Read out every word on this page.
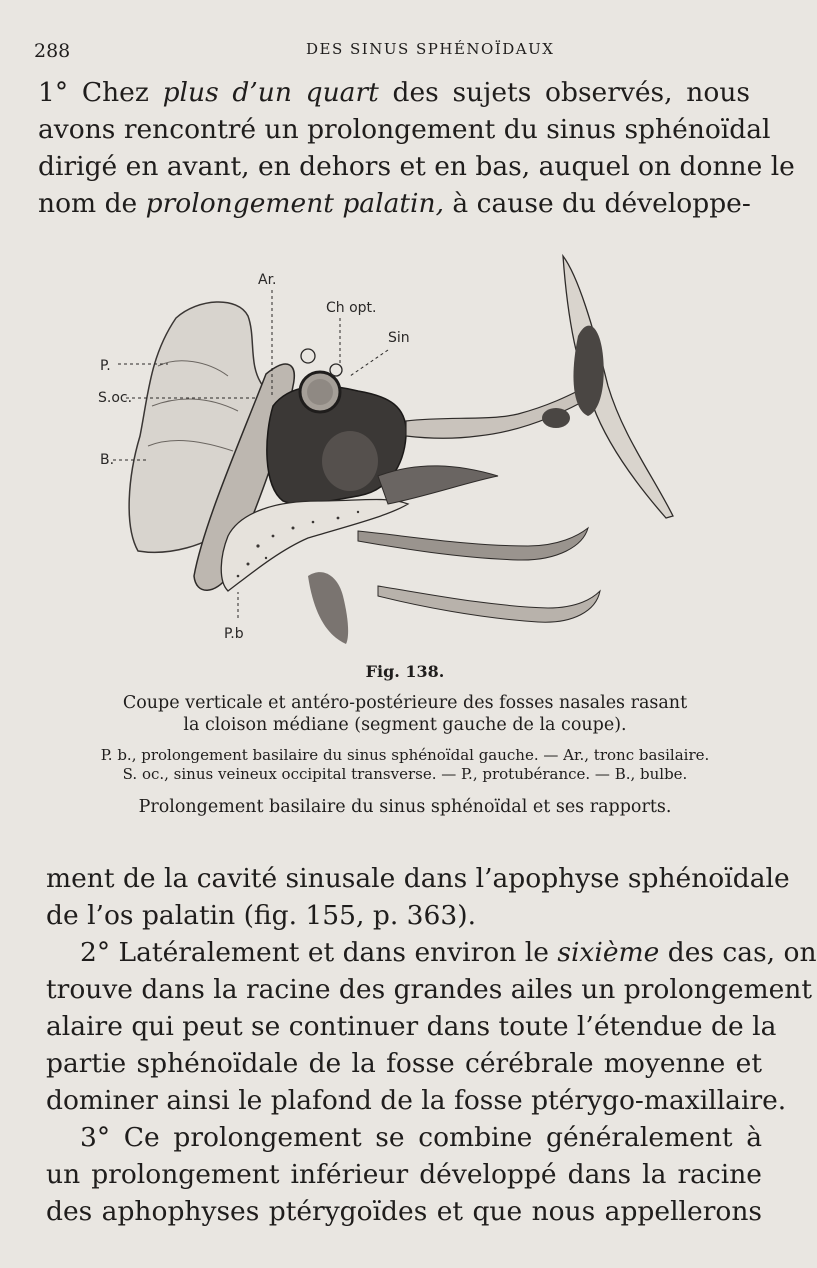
288	DES SINUS SPHÉNOÏDAUX

1° Chez plus d’un quart des sujets observés, nous
avons rencontré un prolongement du sinus sphénoïdal
dirigé en avant, en dehors et en bas, auquel on donne le
nom de prolongement palatin, à cause du développe-

Ar.
Ch opt.
Sin
P.
S.oc.
B.
P.b

Fig. 138.

Coupe verticale et antéro-postérieure des fosses nasales rasant
la cloison médiane (segment gauche de la coupe).

P. b., prolongement basilaire du sinus sphénoïdal gauche. — Ar., tronc basilaire.
S. oc., sinus veineux occipital transverse. — P., protubérance. — B., bulbe.

Prolongement basilaire du sinus sphénoïdal et ses rapports.

ment de la cavité sinusale dans l’apophyse sphénoïdale
de l’os palatin (fig. 155, p. 363).
2° Latéralement et dans environ le sixième des cas, on
trouve dans la racine des grandes ailes un prolongement
alaire qui peut se continuer dans toute l’étendue de la
partie sphénoïdale de la fosse cérébrale moyenne et
dominer ainsi le plafond de la fosse ptérygo-maxillaire.
3° Ce prolongement se combine généralement à
un prolongement inférieur développé dans la racine
des aphophyses ptérygoïdes et que nous appellerons
